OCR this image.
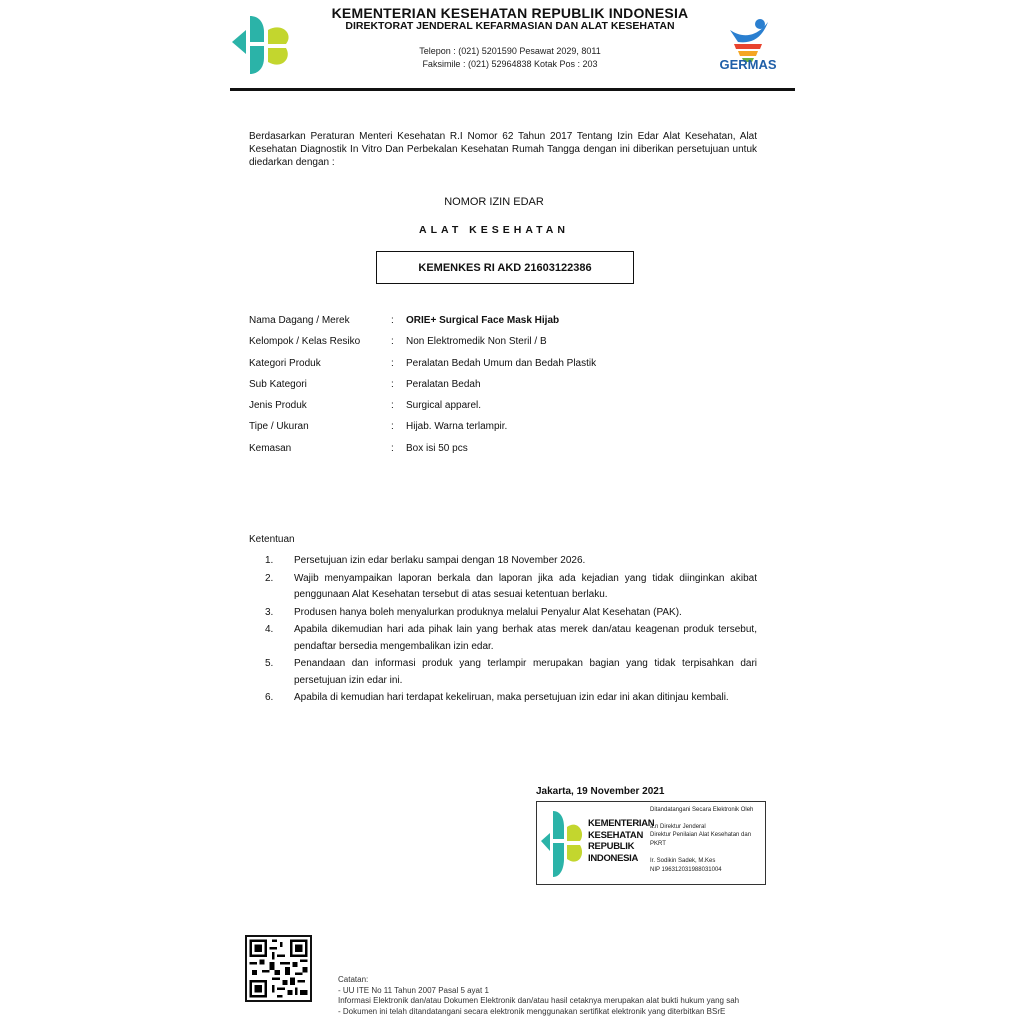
KEMENTERIAN KESEHATAN REPUBLIK INDONESIA
DIREKTORAT JENDERAL KEFARMASIAN DAN ALAT KESEHATAN
Telepon : (021) 5201590 Pesawat 2029, 8011
Faksimile : (021) 52964838 Kotak Pos : 203	GERMAS
Berdasarkan Peraturan Menteri Kesehatan R.I Nomor 62 Tahun 2017 Tentang Izin Edar Alat Kesehatan, Alat Kesehatan Diagnostik In Vitro Dan Perbekalan Kesehatan Rumah Tangga dengan ini diberikan persetujuan untuk diedarkan dengan :
NOMOR IZIN EDAR
ALAT KESEHATAN
KEMENKES RI AKD 21603122386
Nama Dagang / Merek	: ORIE+ Surgical Face Mask Hijab
Kelompok / Kelas Resiko	: Non Elektromedik Non Steril / B
Kategori Produk	: Peralatan Bedah Umum dan Bedah Plastik
Sub Kategori	: Peralatan Bedah
Jenis Produk	: Surgical apparel.
Tipe / Ukuran	: Hijab. Warna terlampir.
Kemasan	: Box isi 50 pcs
Ketentuan
1. Persetujuan izin edar berlaku sampai dengan 18 November 2026.
2. Wajib menyampaikan laporan berkala dan laporan jika ada kejadian yang tidak diinginkan akibat penggunaan Alat Kesehatan tersebut di atas sesuai ketentuan berlaku.
3. Produsen hanya boleh menyalurkan produknya melalui Penyalur Alat Kesehatan (PAK).
4. Apabila dikemudian hari ada pihak lain yang berhak atas merek dan/atau keagenan produk tersebut, pendaftar bersedia mengembalikan izin edar.
5. Penandaan dan informasi produk yang terlampir merupakan bagian yang tidak terpisahkan dari persetujuan izin edar ini.
6. Apabila di kemudian hari terdapat kekeliruan, maka persetujuan izin edar ini akan ditinjau kembali.
Jakarta, 19 November 2021
KEMENTERIAN
KESEHATAN
REPUBLIK
INDONESIA
Ditandatangani Secara Elektronik Oleh
a.n Direktur Jenderal
Direktur Penilaian Alat Kesehatan dan PKRT
Ir. Sodikin Sadek, M.Kes
NIP 196312031988031004
Catatan:
- UU ITE No 11 Tahun 2007 Pasal 5 ayat 1
Informasi Elektronik dan/atau Dokumen Elektronik dan/atau hasil cetaknya merupakan alat bukti hukum yang sah
- Dokumen ini telah ditandatangani secara elektronik menggunakan sertifikat elektronik yang diterbitkan BSrE
